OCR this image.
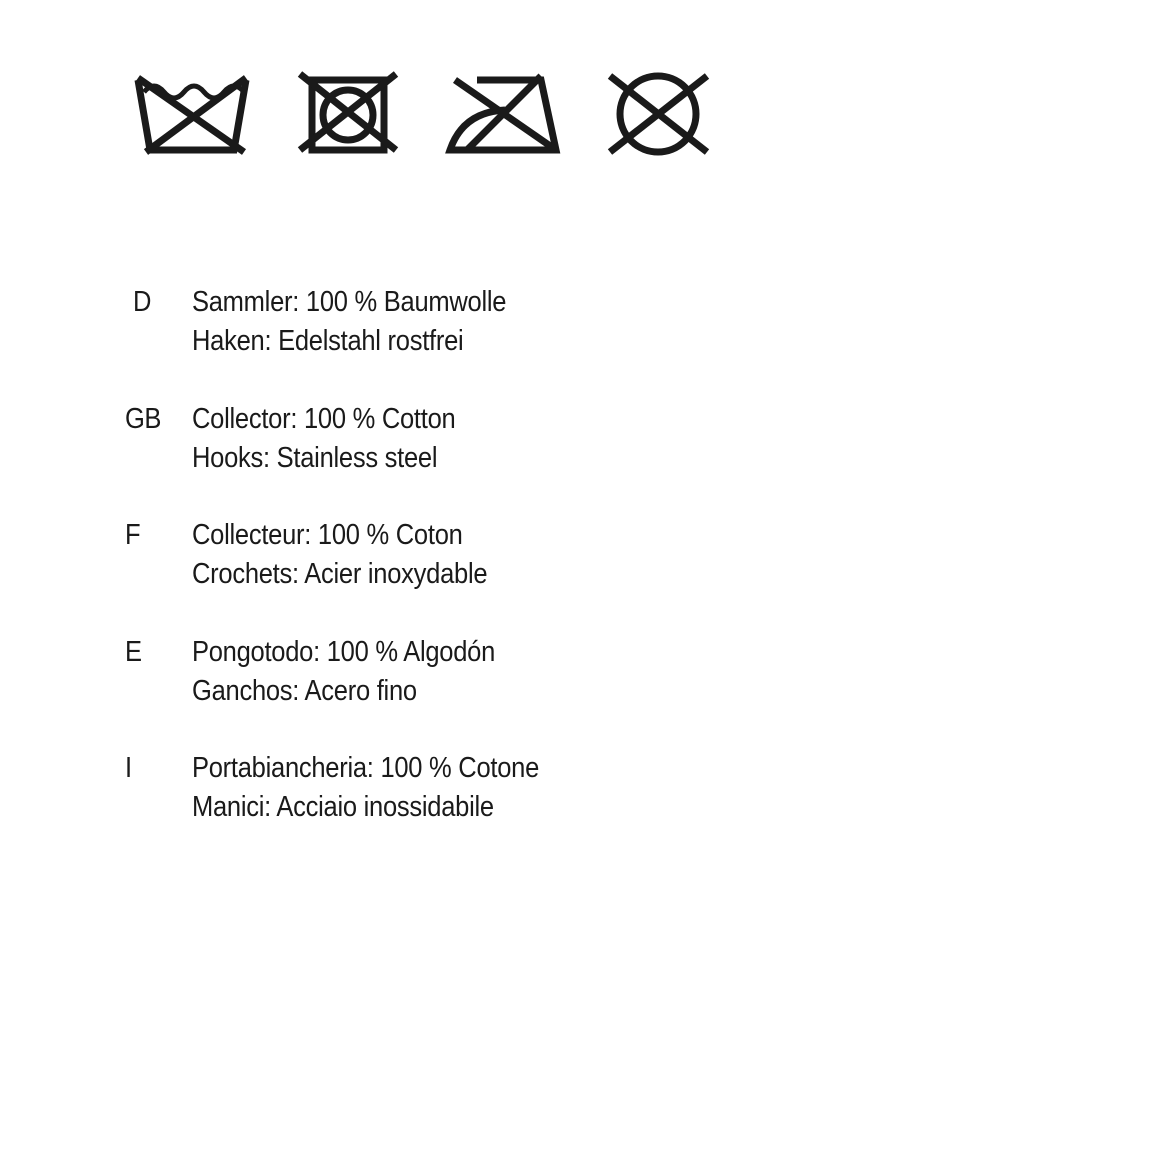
D Sammler: 100 % Baumwolle
Haken: Edelstahl rostfrei
GB Collector: 100 % Cotton
Hooks: Stainless steel
F Collecteur: 100 % Coton
Crochets: Acier inoxydable
E Pongotodo: 100 % Algodón
Ganchos: Acero fino
I Portabiancheria: 100 % Cotone
Manici: Acciaio inossidabile
